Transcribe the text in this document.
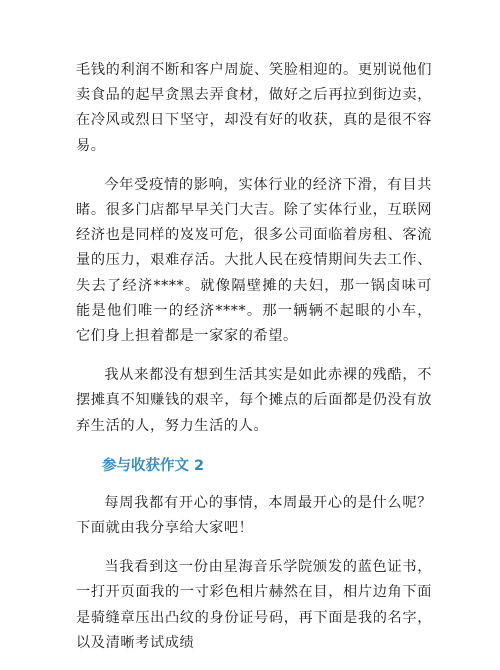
毛钱的利润不断和客户周旋、笑脸相迎的。更别说他们卖食品的起早贪黑去弄食材，做好之后再拉到街边卖，在冷风或烈日下坚守，却没有好的收获，真的是很不容易。

今年受疫情的影响，实体行业的经济下滑，有目共睹。很多门店都早早关门大吉。除了实体行业，互联网经济也是同样的岌岌可危，很多公司面临着房租、客流量的压力，艰难存活。大批人民在疫情期间失去工作、失去了经济****。就像隔壁摊的夫妇，那一锅卤味可能是他们唯一的经济****。那一辆辆不起眼的小车，它们身上担着都是一家家的希望。

我从来都没有想到生活其实是如此赤裸的残酷，不摆摊真不知赚钱的艰辛，每个摊点的后面都是仍没有放弃生活的人，努力生活的人。

参与收获作文 2

每周我都有开心的事情，本周最开心的是什么呢？下面就由我分享给大家吧！

当我看到这一份由星海音乐学院颁发的蓝色证书，一打开页面我的一寸彩色相片赫然在目，相片边角下面是骑缝章压出凸纹的身份证号码，再下面是我的名字，以及清晰考试成绩
